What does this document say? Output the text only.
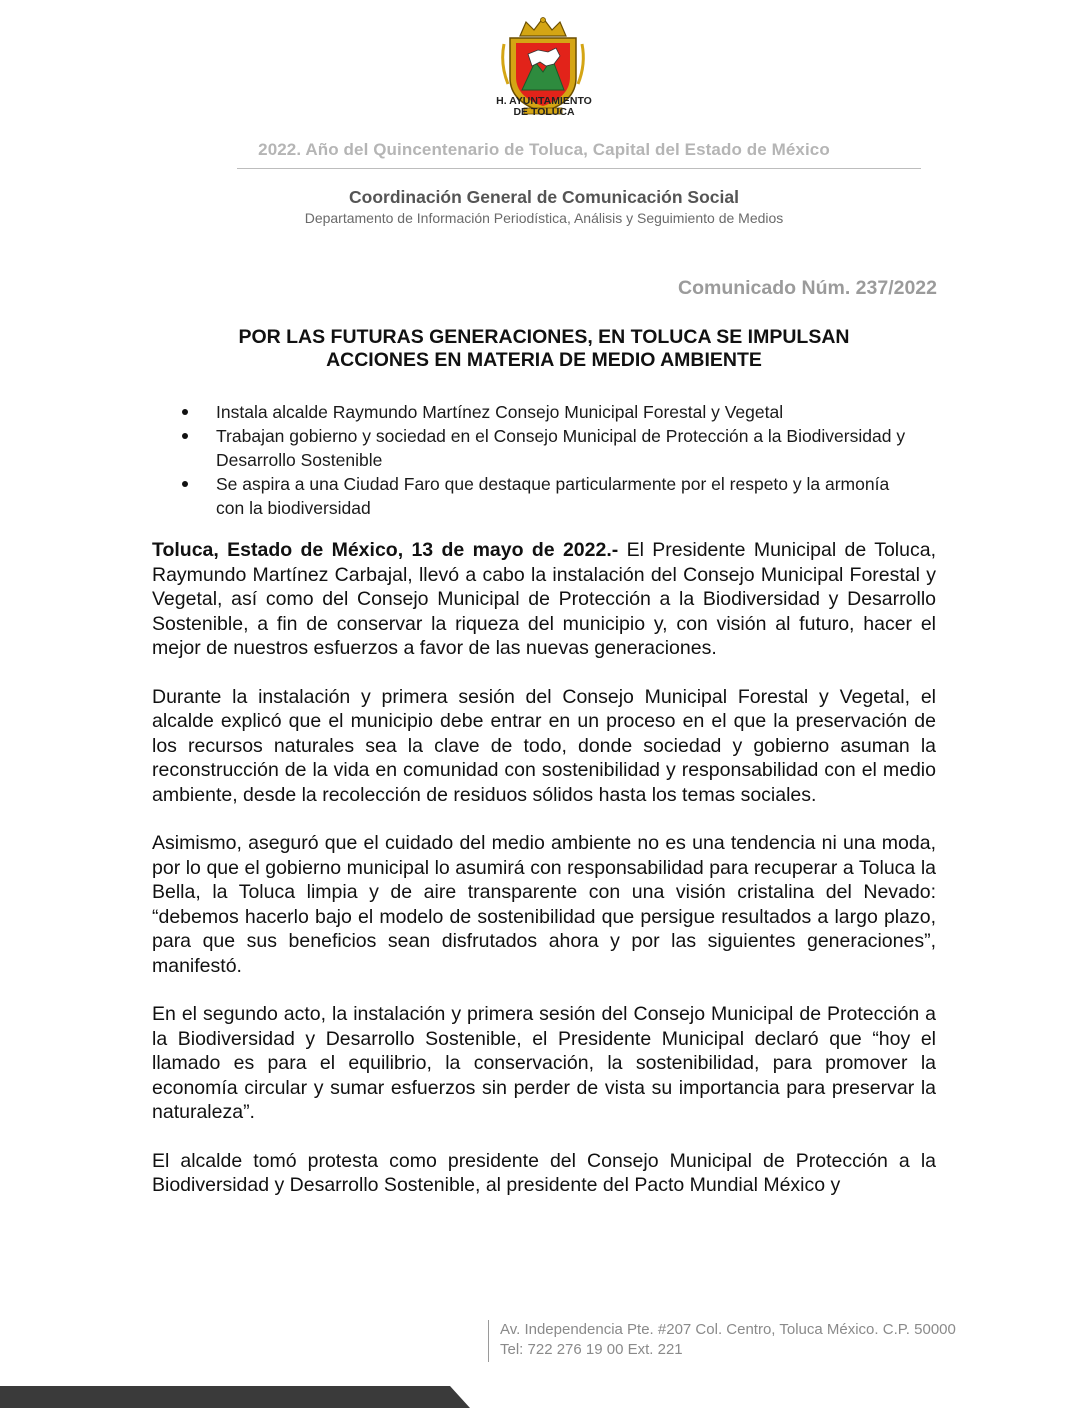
H. AYUNTAMIENTO
DE TOLUCA
2022. Año del Quincentenario de Toluca, Capital del Estado de México
Coordinación General de Comunicación Social
Departamento de Información Periodística, Análisis y Seguimiento de Medios
Comunicado Núm. 237/2022
POR LAS FUTURAS GENERACIONES, EN TOLUCA SE IMPULSAN
ACCIONES EN MATERIA DE MEDIO AMBIENTE
Instala alcalde Raymundo Martínez Consejo Municipal Forestal y Vegetal
Trabajan gobierno y sociedad en el Consejo Municipal de Protección a la Biodiversidad y Desarrollo Sostenible
Se aspira a una Ciudad Faro que destaque particularmente por el respeto y la armonía con la biodiversidad

Toluca, Estado de México, 13 de mayo de 2022.- El Presidente Municipal de Toluca, Raymundo Martínez Carbajal, llevó a cabo la instalación del Consejo Municipal Forestal y Vegetal, así como del Consejo Municipal de Protección a la Biodiversidad y Desarrollo Sostenible, a fin de conservar la riqueza del municipio y, con visión al futuro, hacer el mejor de nuestros esfuerzos a favor de las nuevas generaciones.

Durante la instalación y primera sesión del Consejo Municipal Forestal y Vegetal, el alcalde explicó que el municipio debe entrar en un proceso en el que la preservación de los recursos naturales sea la clave de todo, donde sociedad y gobierno asuman la reconstrucción de la vida en comunidad con sostenibilidad y responsabilidad con el medio ambiente, desde la recolección de residuos sólidos hasta los temas sociales.

Asimismo, aseguró que el cuidado del medio ambiente no es una tendencia ni una moda, por lo que el gobierno municipal lo asumirá con responsabilidad para recuperar a Toluca la Bella, la Toluca limpia y de aire transparente con una visión cristalina del Nevado: “debemos hacerlo bajo el modelo de sostenibilidad que persigue resultados a largo plazo, para que sus beneficios sean disfrutados ahora y por las siguientes generaciones”, manifestó.

En el segundo acto, la instalación y primera sesión del Consejo Municipal de Protección a la Biodiversidad y Desarrollo Sostenible, el Presidente Municipal declaró que “hoy el llamado es para el equilibrio, la conservación, la sostenibilidad, para promover la economía circular y sumar esfuerzos sin perder de vista su importancia para preservar la naturaleza”.

El alcalde tomó protesta como presidente del Consejo Municipal de Protección a la Biodiversidad y Desarrollo Sostenible, al presidente del Pacto Mundial México y

Av. Independencia Pte. #207 Col. Centro, Toluca México. C.P. 50000
Tel: 722 276 19 00 Ext. 221
